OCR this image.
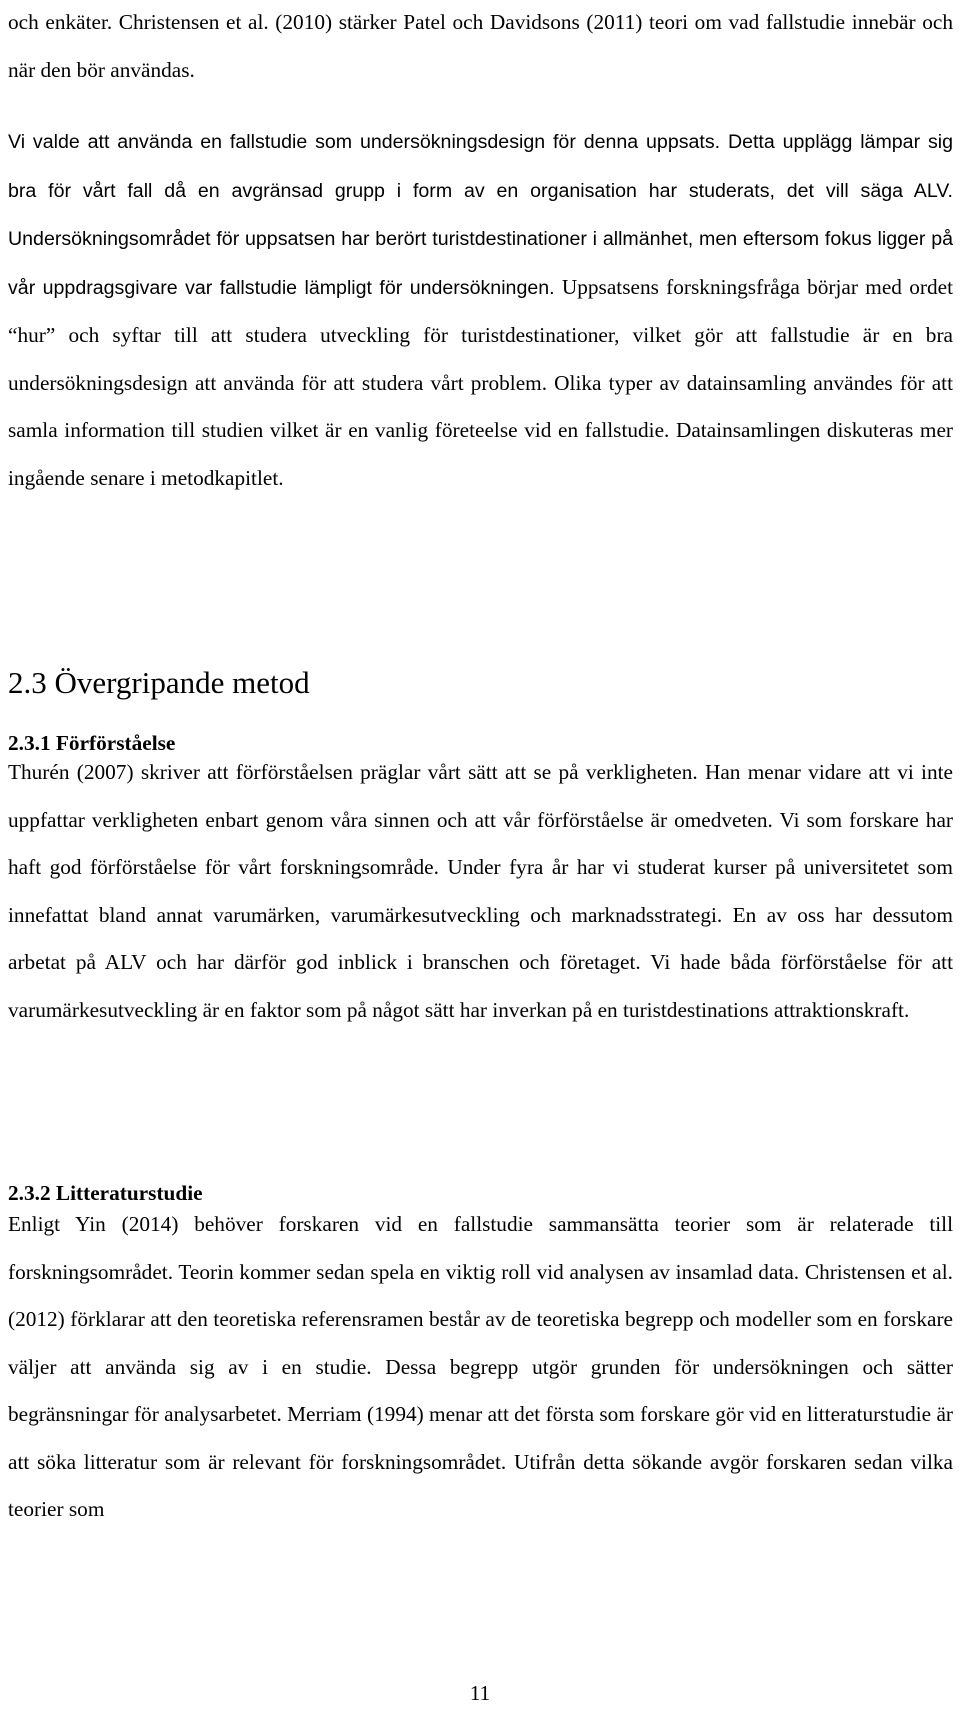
och enkäter. Christensen et al. (2010) stärker Patel och Davidsons (2011) teori om vad fallstudie innebär och när den bör användas.

Vi valde att använda en fallstudie som undersökningsdesign för denna uppsats. Detta upplägg lämpar sig bra för vårt fall då en avgränsad grupp i form av en organisation har studerats, det vill säga ALV. Undersökningsområdet för uppsatsen har berört turistdestinationer i allmänhet, men eftersom fokus ligger på vår uppdragsgivare var fallstudie lämpligt för undersökningen. Uppsatsens forskningsfråga börjar med ordet “hur” och syftar till att studera utveckling för turistdestinationer, vilket gör att fallstudie är en bra undersökningsdesign att använda för att studera vårt problem. Olika typer av datainsamling användes för att samla information till studien vilket är en vanlig företeelse vid en fallstudie. Datainsamlingen diskuteras mer ingående senare i metodkapitlet.

2.3 Övergripande metod
2.3.1 Förförståelse

Thurén (2007) skriver att förförståelsen präglar vårt sätt att se på verkligheten. Han menar vidare att vi inte uppfattar verkligheten enbart genom våra sinnen och att vår förförståelse är omedveten. Vi som forskare har haft god förförståelse för vårt forskningsområde. Under fyra år har vi studerat kurser på universitetet som innefattat bland annat varumärken, varumärkesutveckling och marknadsstrategi. En av oss har dessutom arbetat på ALV och har därför god inblick i branschen och företaget. Vi hade båda förförståelse för att varumärkesutveckling är en faktor som på något sätt har inverkan på en turistdestinations attraktionskraft.

2.3.2 Litteraturstudie

Enligt Yin (2014) behöver forskaren vid en fallstudie sammansätta teorier som är relaterade till forskningsområdet. Teorin kommer sedan spela en viktig roll vid analysen av insamlad data. Christensen et al. (2012) förklarar att den teoretiska referensramen består av de teoretiska begrepp och modeller som en forskare väljer att använda sig av i en studie. Dessa begrepp utgör grunden för undersökningen och sätter begränsningar för analysarbetet. Merriam (1994) menar att det första som forskare gör vid en litteraturstudie är att söka litteratur som är relevant för forskningsområdet. Utifrån detta sökande avgör forskaren sedan vilka teorier som

11
